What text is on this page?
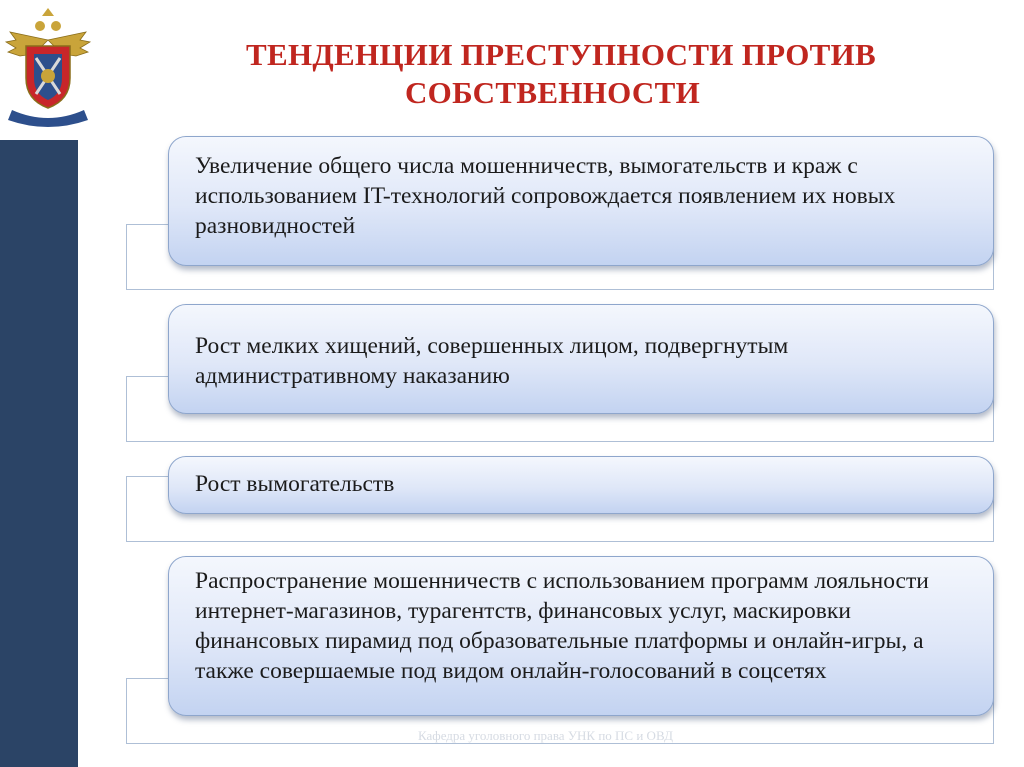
ТЕНДЕНЦИИ ПРЕСТУПНОСТИ ПРОТИВ
СОБСТВЕННОСТИ
Увеличение общего числа мошенничеств, вымогательств и краж с использованием IT-технологий сопровождается появлением их новых разновидностей
Рост мелких хищений, совершенных лицом, подвергнутым административному наказанию
Рост вымогательств
Распространение мошенничеств с использованием программ лояльности интернет-магазинов, турагентств, финансовых услуг, маскировки финансовых пирамид под образовательные платформы и онлайн-игры, а также совершаемые под видом онлайн-голосований в соцсетях
Кафедра уголовного права УНК по ПС и ОВД
